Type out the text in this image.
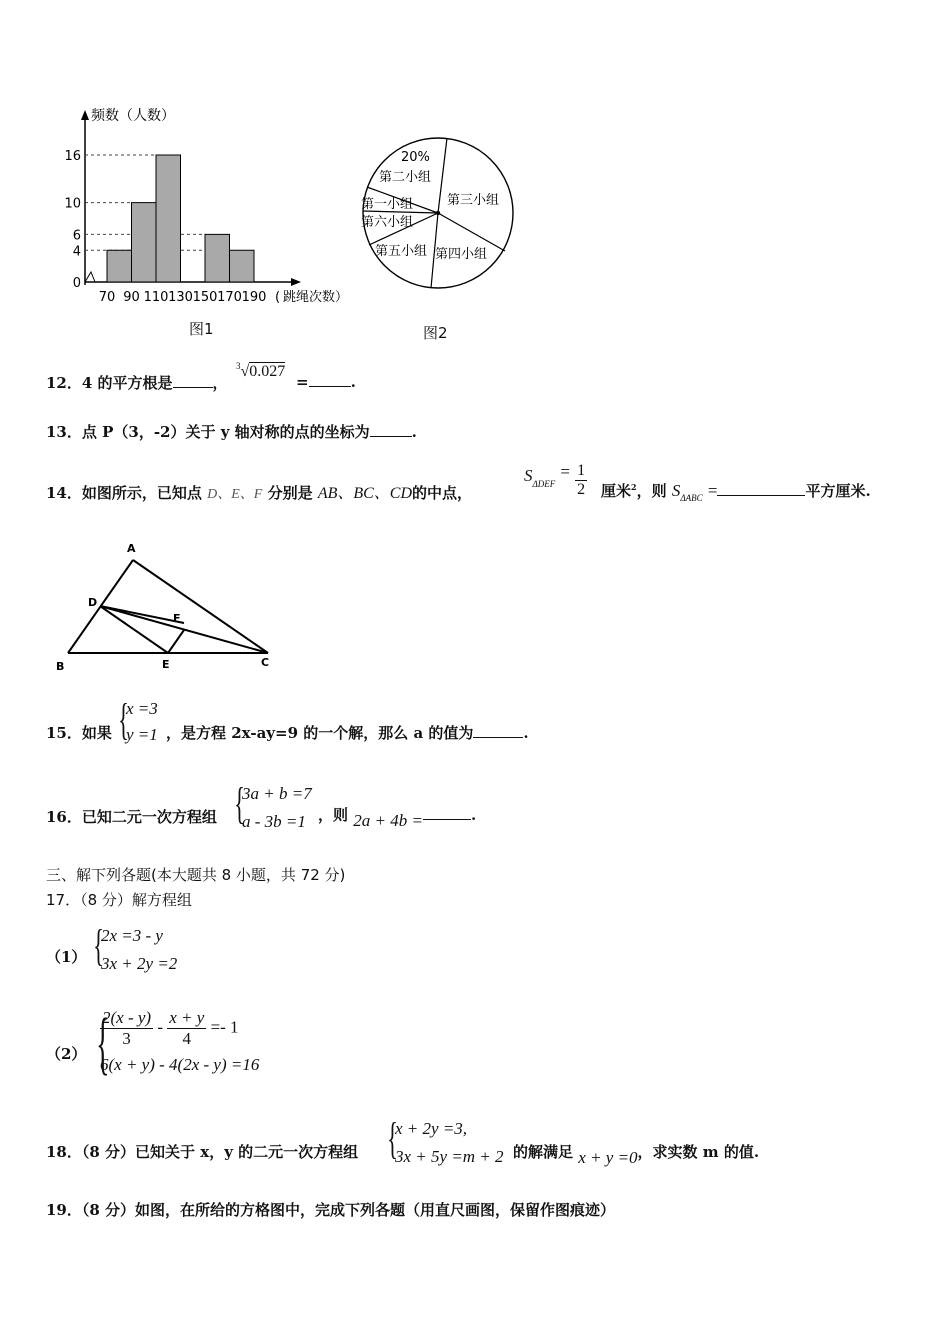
0
4
6
10
16
70 90 110 130 150 170 190
频数（人数）
跳绳次数）
(
图1
20%
第二小组
第三小组
第一小组
第六小组
第五小组 第四小组
图2
12．4 的平方根是	，
$^3$√0.027
=	.
13．点 P（3，-2）关于 y 轴对称的点的坐标为	.
14．如图所示，已知点 D、E、F 分别是 AB、BC、CD的中点，
$S_{\Delta DEF} = \frac{1}{2}$ 厘米$^2$，则 $S_{\Delta ABC}$ =	平方厘米.
A
D
F
B	E	C
15．如果 {
x =3
y =1 ，是方程 2x-ay=9 的一个解，那么 a 的值为	.
16．已知二元一次方程组 {
3a + b =7
a - 3b =1 ，则 2a + 4b =	.
三、解下列各题(本大题共 8 小题，共 72 分)
17．（8 分）解方程组
（1） {
2x =3 - y
3x + 2y =2
（2） {
$\frac{2(x - y)}{3} - \frac{x + y}{4} =- 1$
6(x + y) - 4(2x - y) =16
18．（8 分）已知关于 x，y 的二元一次方程组 {
x + 2y =3,
3x + 5y =m + 2 的解满足 x + y =0，求实数 m 的值.
19．（8 分）如图，在所给的方格图中，完成下列各题（用直尺画图，保留作图痕迹）
